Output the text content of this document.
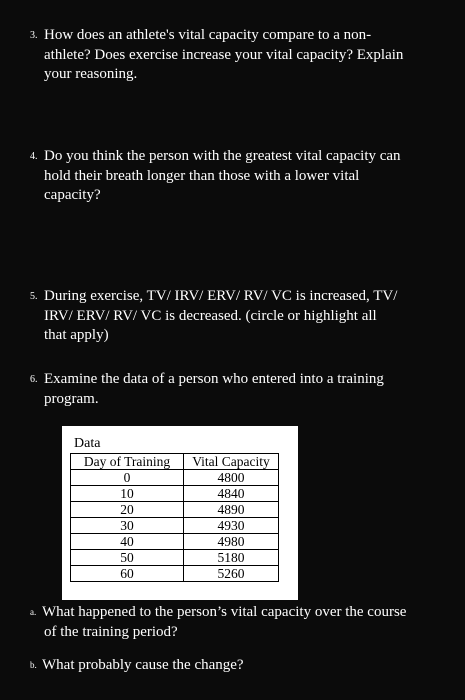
3. How does an athlete's vital capacity compare to a non-
athlete? Does exercise increase your vital capacity? Explain
your reasoning.
4. Do you think the person with the greatest vital capacity can
hold their breath longer than those with a lower vital
capacity?
5. During exercise, TV/ IRV/ ERV/ RV/ VC is increased, TV/
IRV/ ERV/ RV/ VC is decreased. (circle or highlight all
that apply)
6. Examine the data of a person who entered into a training
program.
Data
Day of Training	Vital Capacity
0	4800
10	4840
20	4890
30	4930
40	4980
50	5180
60	5260
a. What happened to the person’s vital capacity over the course
of the training period?
b. What probably cause the change?
